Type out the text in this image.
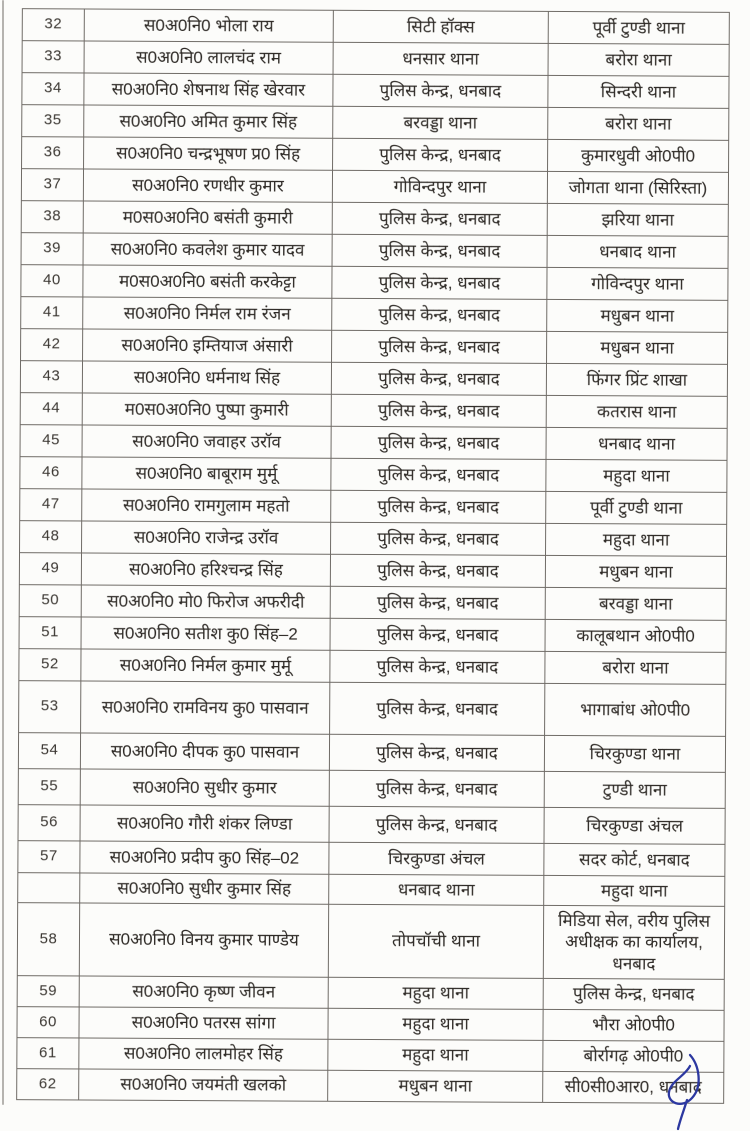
32	स0अ0नि0 भोला राय	सिटी हॉक्स	पूर्वी टुण्डी थाना
33	स0अ0नि0 लालचंद राम	धनसार थाना	बरोरा थाना
34	स0अ0नि0 शेषनाथ सिंह खेरवार	पुलिस केन्द्र, धनबाद	सिन्दरी थाना
35	स0अ0नि0 अमित कुमार सिंह	बरवड्डा थाना	बरोरा थाना
36	स0अ0नि0 चन्द्रभूषण प्र0 सिंह	पुलिस केन्द्र, धनबाद	कुमारधुवी ओ0पी0
37	स0अ0नि0 रणधीर कुमार	गोविन्दपुर थाना	जोगता थाना (सिरिस्ता)
38	म0स0अ0नि0 बसंती कुमारी	पुलिस केन्द्र, धनबाद	झरिया थाना
39	स0अ0नि0 कवलेश कुमार यादव	पुलिस केन्द्र, धनबाद	धनबाद थाना
40	म0स0अ0नि0 बसंती करकेट्टा	पुलिस केन्द्र, धनबाद	गोविन्दपुर थाना
41	स0अ0नि0 निर्मल राम रंजन	पुलिस केन्द्र, धनबाद	मधुबन थाना
42	स0अ0नि0 इम्तियाज अंसारी	पुलिस केन्द्र, धनबाद	मधुबन थाना
43	स0अ0नि0 धर्मनाथ सिंह	पुलिस केन्द्र, धनबाद	फिंगर प्रिंट शाखा
44	म0स0अ0नि0 पुष्पा कुमारी	पुलिस केन्द्र, धनबाद	कतरास थाना
45	स0अ0नि0 जवाहर उरॉव	पुलिस केन्द्र, धनबाद	धनबाद थाना
46	स0अ0नि0 बाबूराम मुर्मू	पुलिस केन्द्र, धनबाद	महुदा थाना
47	स0अ0नि0 रामगुलाम महतो	पुलिस केन्द्र, धनबाद	पूर्वी टुण्डी थाना
48	स0अ0नि0 राजेन्द्र उरॉव	पुलिस केन्द्र, धनबाद	महुदा थाना
49	स0अ0नि0 हरिश्चन्द्र सिंह	पुलिस केन्द्र, धनबाद	मधुबन थाना
50	स0अ0नि0 मो0 फिरोज अफरीदी	पुलिस केन्द्र, धनबाद	बरवड्डा थाना
51	स0अ0नि0 सतीश कु0 सिंह–2	पुलिस केन्द्र, धनबाद	कालूबथान ओ0पी0
52	स0अ0नि0 निर्मल कुमार मुर्मू	पुलिस केन्द्र, धनबाद	बरोरा थाना
53	स0अ0नि0 रामविनय कु0 पासवान	पुलिस केन्द्र, धनबाद	भागाबांध ओ0पी0
54	स0अ0नि0 दीपक कु0 पासवान	पुलिस केन्द्र, धनबाद	चिरकुण्डा थाना
55	स0अ0नि0 सुधीर कुमार	पुलिस केन्द्र, धनबाद	टुण्डी थाना
56	स0अ0नि0 गौरी शंकर लिण्डा	पुलिस केन्द्र, धनबाद	चिरकुण्डा अंचल
57	स0अ0नि0 प्रदीप कु0 सिंह–02	चिरकुण्डा अंचल	सदर कोर्ट, धनबाद
	स0अ0नि0 सुधीर कुमार सिंह	धनबाद थाना	महुदा थाना
58	स0अ0नि0 विनय कुमार पाण्डेय	तोपचॉची थाना	मिडिया सेल, वरीय पुलिस अधीक्षक का कार्यालय, धनबाद
59	स0अ0नि0 कृष्ण जीवन	महुदा थाना	पुलिस केन्द्र, धनबाद
60	स0अ0नि0 पतरस सांगा	महुदा थाना	भौरा ओ0पी0
61	स0अ0नि0 लालमोहर सिंह	महुदा थाना	बोर्रागढ़ ओ0पी0
62	स0अ0नि0 जयमंती खलको	मधुबन थाना	सी0सी0आर0, धनबाद
